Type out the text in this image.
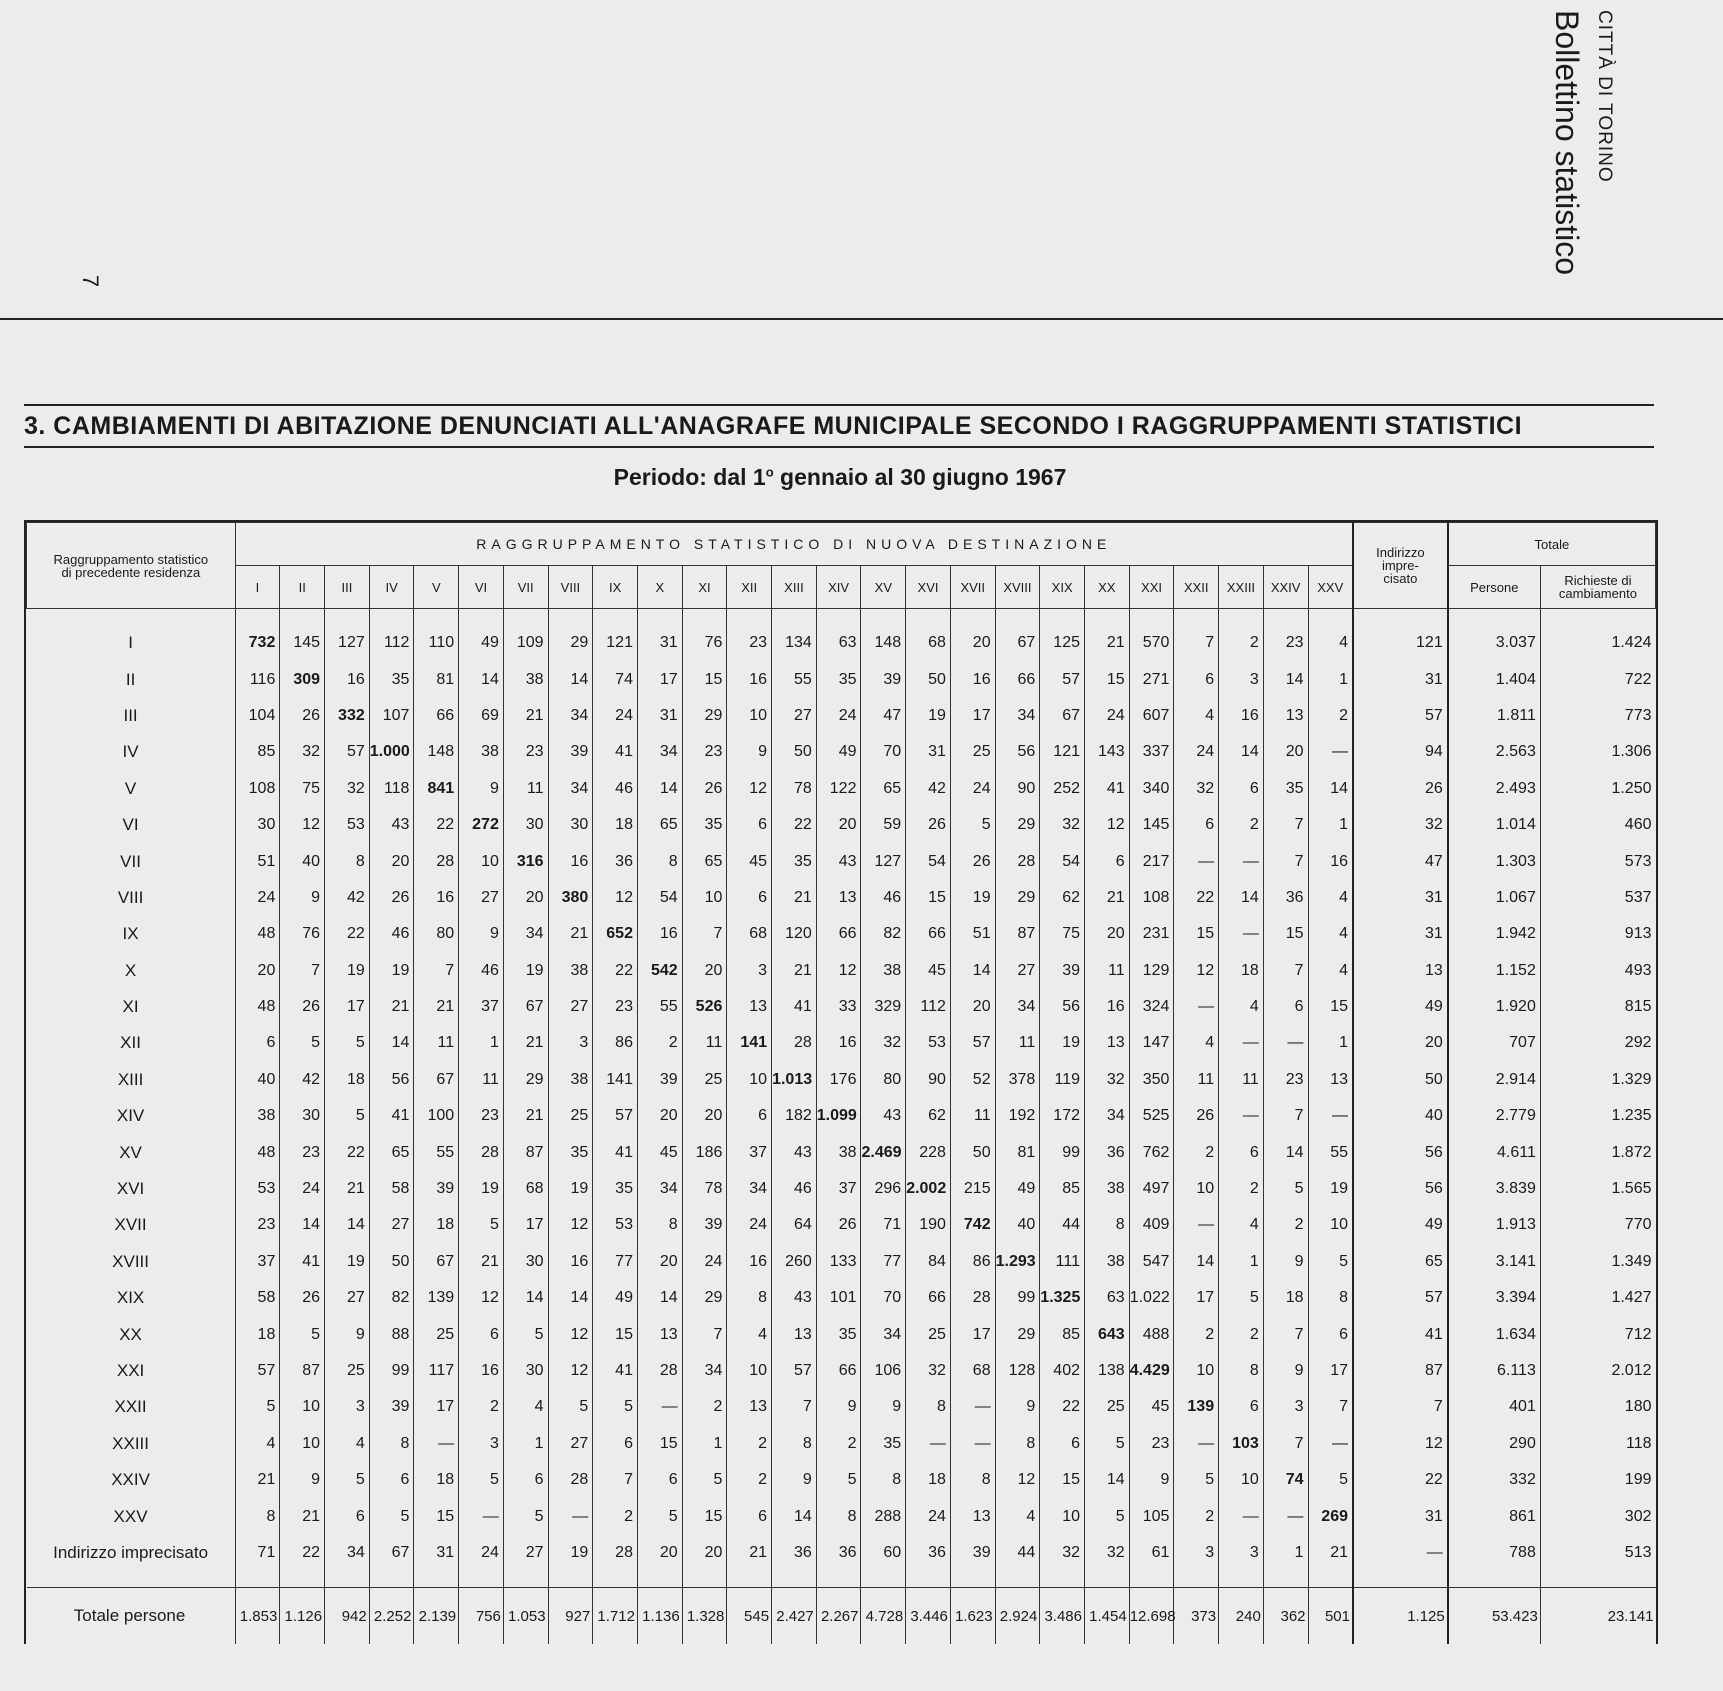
7
CITTÀ DI TORINO
Bollettino statistico
3. CAMBIAMENTI DI ABITAZIONE DENUNCIATI ALL'ANAGRAFE MUNICIPALE SECONDO I RAGGRUPPAMENTI STATISTICI
Periodo: dal 1$^o$ gennaio al 30 giugno 1967
Raggruppamento statistico di precedente residenza	RAGGRUPPAMENTO STATISTICO DI NUOVA DESTINAZIONE																									Indirizzo impre- cisato	Totale	
	I	II	III	IV	V	VI	VII	VIII	IX	X	XI	XII	XIII	XIV	XV	XVI	XVII	XVIII	XIX	XX	XXI	XXII	XXIII	XXIV	XXV		Persone	Richieste di cambiamento

I	732	145	127	112	110	49	109	29	121	31	76	23	134	63	148	68	20	67	125	21	570	7	2	23	4	121	3.037	1.424
II	116	309	16	35	81	14	38	14	74	17	15	16	55	35	39	50	16	66	57	15	271	6	3	14	1	31	1.404	722
III	104	26	332	107	66	69	21	34	24	31	29	10	27	24	47	19	17	34	67	24	607	4	16	13	2	57	1.811	773
IV	85	32	57	1.000	148	38	23	39	41	34	23	9	50	49	70	31	25	56	121	143	337	24	14	20	—	94	2.563	1.306
V	108	75	32	118	841	9	11	34	46	14	26	12	78	122	65	42	24	90	252	41	340	32	6	35	14	26	2.493	1.250
VI	30	12	53	43	22	272	30	30	18	65	35	6	22	20	59	26	5	29	32	12	145	6	2	7	1	32	1.014	460
VII	51	40	8	20	28	10	316	16	36	8	65	45	35	43	127	54	26	28	54	6	217	—	—	7	16	47	1.303	573
VIII	24	9	42	26	16	27	20	380	12	54	10	6	21	13	46	15	19	29	62	21	108	22	14	36	4	31	1.067	537
IX	48	76	22	46	80	9	34	21	652	16	7	68	120	66	82	66	51	87	75	20	231	15	—	15	4	31	1.942	913
X	20	7	19	19	7	46	19	38	22	542	20	3	21	12	38	45	14	27	39	11	129	12	18	7	4	13	1.152	493
XI	48	26	17	21	21	37	67	27	23	55	526	13	41	33	329	112	20	34	56	16	324	—	4	6	15	49	1.920	815
XII	6	5	5	14	11	1	21	3	86	2	11	141	28	16	32	53	57	11	19	13	147	4	—	—	1	20	707	292
XIII	40	42	18	56	67	11	29	38	141	39	25	10	1.013	176	80	90	52	378	119	32	350	11	11	23	13	50	2.914	1.329
XIV	38	30	5	41	100	23	21	25	57	20	20	6	182	1.099	43	62	11	192	172	34	525	26	—	7	—	40	2.779	1.235
XV	48	23	22	65	55	28	87	35	41	45	186	37	43	38	2.469	228	50	81	99	36	762	2	6	14	55	56	4.611	1.872
XVI	53	24	21	58	39	19	68	19	35	34	78	34	46	37	296	2.002	215	49	85	38	497	10	2	5	19	56	3.839	1.565
XVII	23	14	14	27	18	5	17	12	53	8	39	24	64	26	71	190	742	40	44	8	409	—	4	2	10	49	1.913	770
XVIII	37	41	19	50	67	21	30	16	77	20	24	16	260	133	77	84	86	1.293	111	38	547	14	1	9	5	65	3.141	1.349
XIX	58	26	27	82	139	12	14	14	49	14	29	8	43	101	70	66	28	99	1.325	63	1.022	17	5	18	8	57	3.394	1.427
XX	18	5	9	88	25	6	5	12	15	13	7	4	13	35	34	25	17	29	85	643	488	2	2	7	6	41	1.634	712
XXI	57	87	25	99	117	16	30	12	41	28	34	10	57	66	106	32	68	128	402	138	4.429	10	8	9	17	87	6.113	2.012
XXII	5	10	3	39	17	2	4	5	5	—	2	13	7	9	9	8	—	9	22	25	45	139	6	3	7	7	401	180
XXIII	4	10	4	8	—	3	1	27	6	15	1	2	8	2	35	—	—	8	6	5	23	—	103	7	—	12	290	118
XXIV	21	9	5	6	18	5	6	28	7	6	5	2	9	5	8	18	8	12	15	14	9	5	10	74	5	22	332	199
XXV	8	21	6	5	15	—	5	—	2	5	15	6	14	8	288	24	13	4	10	5	105	2	—	—	269	31	861	302
Indirizzo imprecisato	71	22	34	67	31	24	27	19	28	20	20	21	36	36	60	36	39	44	32	32	61	3	3	1	21	—	788	513

Totale persone	1.853	1.126	942	2.252	2.139	756	1.053	927	1.712	1.136	1.328	545	2.427	2.267	4.728	3.446	1.623	2.924	3.486	1.454	12.698	373	240	362	501	1.125	53.423	23.141
